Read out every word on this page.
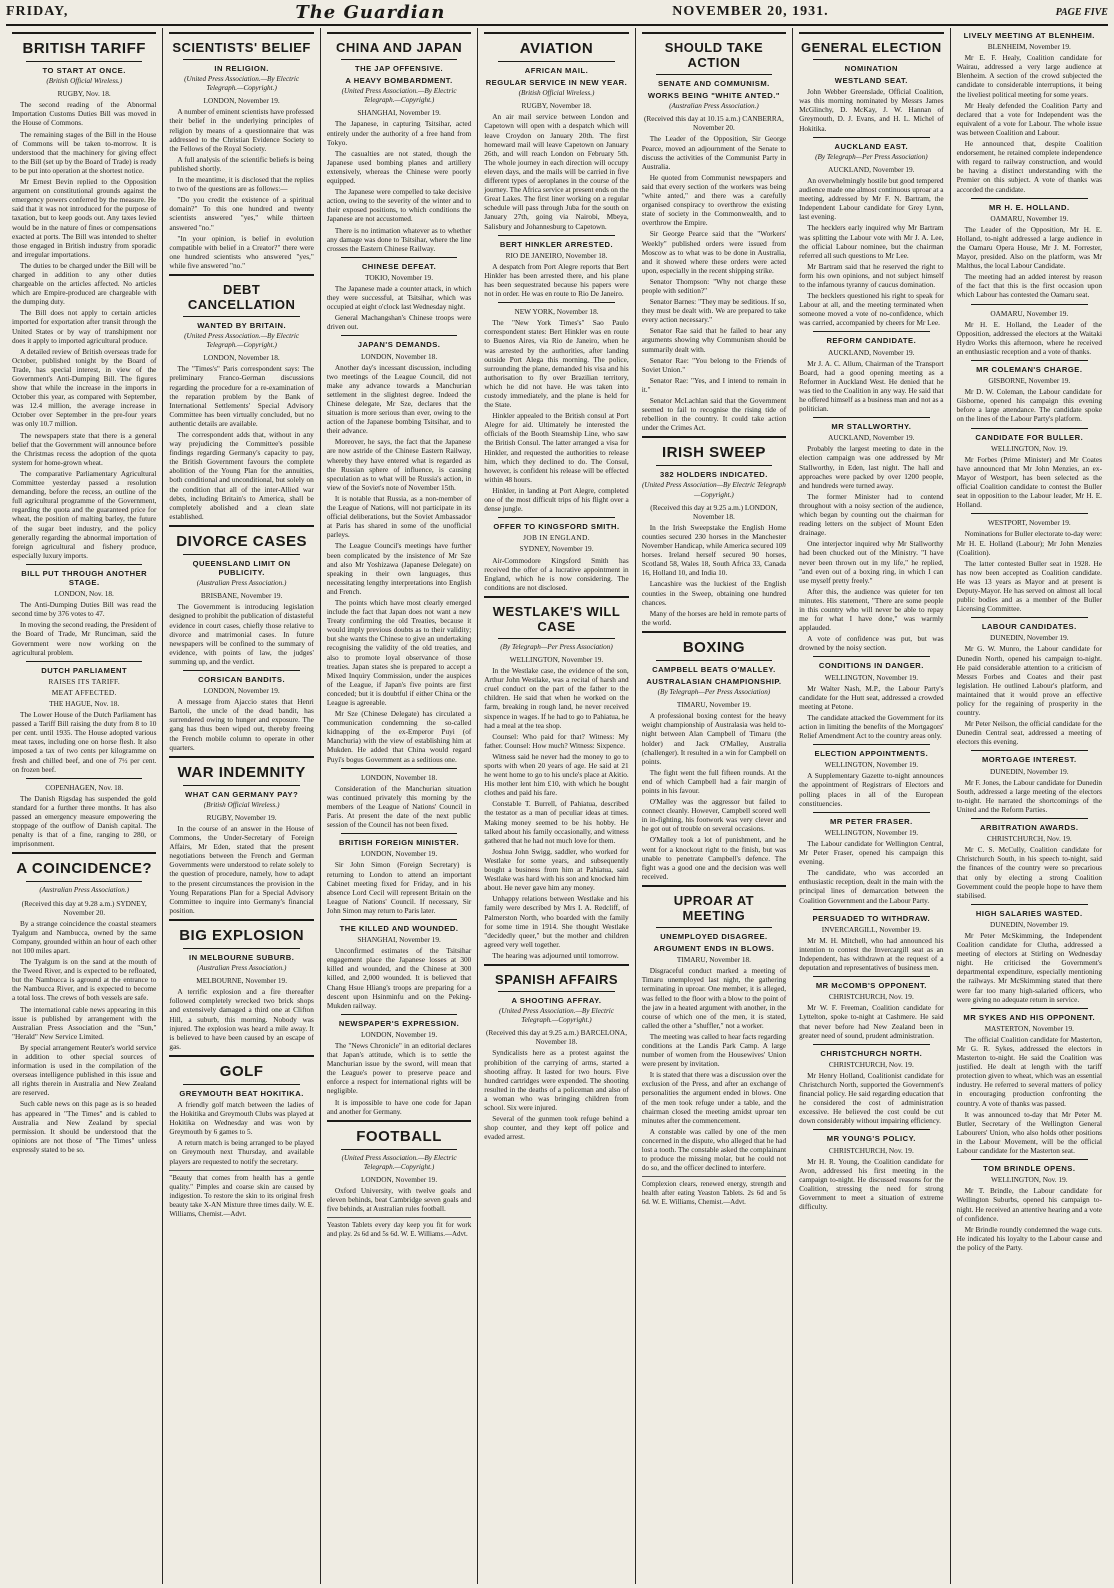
FRIDAY,	The Guardian	NOVEMBER 20, 1931.	PAGE FIVE
BRITISH TARIFF
TO START AT ONCE.
(British Official Wireless.)

RUGBY, Nov. 18.

The second reading of the Abnormal Importation Customs Duties Bill was moved in the House of Commons.

The remaining stages of the Bill in the House of Commons will be taken to-morrow. It is understood that the machinery for giving effect to the Bill (set up by the Board of Trade) is ready to be put into operation at the shortest notice.

Mr Ernest Bevin replied to the Opposition argument on constitutional grounds against the emergency powers conferred by the measure. He said that it was not introduced for the purpose of taxation, but to keep goods out. Any taxes levied would be in the nature of fines or compensations exacted at ports. The Bill was intended to shelter those engaged in British industry from sporadic and irregular importations.

The duties to be charged under the Bill will be charged in addition to any other duties chargeable on the articles affected. No articles which are Empire-produced are chargeable with the dumping duty.

The Bill does not apply to certain articles imported for exportation after transit through the United States or by way of transhipment nor does it apply to imported agricultural produce.

A detailed review of British overseas trade for October, published tonight by the Board of Trade, has special interest, in view of the Government's Anti-Dumping Bill. The figures show that while the increase in the imports in October this year, as compared with September, was 12.4 million, the average increase in October over September in the pre-four years was only 10.7 million.

The newspapers state that there is a general belief that the Government will announce before the Christmas recess the adoption of the quota system for home-grown wheat.

The comparative Parliamentary Agricultural Committee yesterday passed a resolution demanding, before the recess, an outline of the full agricultural programme of the Government, regarding the quota and the guaranteed price for wheat, the position of malting barley, the future of the sugar beet industry, and the policy generally regarding the abnormal importation of foreign agricultural and fishery produce, especially luxury imports.

BILL PUT THROUGH ANOTHER STAGE.

LONDON, Nov. 18.

The Anti-Dumping Duties Bill was read the second time by 376 votes to 47.

In moving the second reading, the President of the Board of Trade, Mr Runciman, said the Government were now working on the agricultural problem.

DUTCH PARLIAMENT
RAISES ITS TARIFF.
MEAT AFFECTED.

THE HAGUE, Nov. 18.

The Lower House of the Dutch Parliament has passed a Tariff Bill raising the duty from 8 to 10 per cent. until 1935. The House adopted various meat taxes, including one on horse flesh. It also imposed a tax of two cents per kilogramme on fresh and chilled beef, and one of 7½ per cent. on frozen beef.

COPENHAGEN, Nov. 18.

The Danish Rigsdag has suspended the gold standard for a further three months. It has also passed an emergency measure empowering the stoppage of the outflow of Danish capital. The penalty is that of a fine, ranging to 280, or imprisonment.

A COINCIDENCE?
(Australian Press Association.)

(Received this day at 9.28 a.m.) SYDNEY, November 20.

By a strange coincidence the coastal steamers Tyalgum and Nambucca, owned by the same Company, grounded within an hour of each other not 100 miles apart.

The Tyalgum is on the sand at the mouth of the Tweed River, and is expected to be refloated, but the Nambucca is aground at the entrance to the Nambucca River, and is expected to become a total loss. The crews of both vessels are safe.

The international cable news appearing in this issue is published by arrangement with the Australian Press Association and the "Sun," "Herald" New Service Limited.

By special arrangement Reuter's world service in addition to other special sources of information is used in the compilation of the overseas intelligence published in this issue and all rights therein in Australia and New Zealand are reserved.

Such cable news on this page as is so headed has appeared in "The Times" and is cabled to Australia and New Zealand by special permission. It should be understood that the opinions are not those of "The Times" unless expressly stated to be so.

SCIENTISTS' BELIEF
IN RELIGION.
(United Press Association.—By Electric Telegraph.—Copyright.)

LONDON, November 19.

A number of eminent scientists have professed their belief in the underlying principles of religion by means of a questionnaire that was addressed to the Christian Evidence Society to the Fellows of the Royal Society.

A full analysis of the scientific beliefs is being published shortly.

In the meantime, it is disclosed that the replies to two of the questions are as follows:—

"Do you credit the existence of a spiritual domain?" To this one hundred and twenty scientists answered "yes," while thirteen answered "no."

"In your opinion, is belief in evolution compatible with belief in a Creator?" there were one hundred scientists who answered "yes," while five answered "no."

DEBT CANCELLATION
WANTED BY BRITAIN.
(United Press Association.—By Electric Telegraph.—Copyright.)

LONDON, November 18.

The "Times's" Paris correspondent says: The preliminary Franco-German discussions regarding the procedure for a re-examination of the reparation problem by the Bank of International Settlements' Special Advisory Committee has been virtually concluded, but no authentic details are available.

The correspondent adds that, without in any way prejudicing the Committee's possible findings regarding Germany's capacity to pay, the British Government favours the complete abolition of the Young Plan for the annuities, both conditional and unconditional, but solely on the condition that all of the inter-Allied war debts, including Britain's to America, shall be completely abolished and a clean slate established.

DIVORCE CASES
QUEENSLAND LIMIT ON PUBLICITY.
(Australian Press Association.)

BRISBANE, November 19.

The Government is introducing legislation designed to prohibit the publication of distasteful evidence in court cases, chiefly those relative to divorce and matrimonial cases. In future newspapers will be confined to the summary of evidence, with points of law, the judges' summing up, and the verdict.

CORSICAN BANDITS.

LONDON, November 19.

A message from Ajaccio states that Henri Bartoli, the uncle of the dead bandit, has surrendered owing to hunger and exposure. The gang has thus been wiped out, thereby freeing the French mobile column to operate in other quarters.

WAR INDEMNITY
WHAT CAN GERMANY PAY?
(British Official Wireless.)

RUGBY, November 19.

In the course of an answer in the House of Commons, the Under-Secretary of Foreign Affairs, Mr Eden, stated that the present negotiations between the French and German Governments were understood to relate solely to the question of procedure, namely, how to adapt to the present circumstances the provision in the Young Reparations Plan for a Special Advisory Committee to inquire into Germany's financial position.

BIG EXPLOSION
IN MELBOURNE SUBURB.
(Australian Press Association.)

MELBOURNE, November 19.

A terrific explosion and a fire thereafter followed completely wrecked two brick shops and extensively damaged a third one at Clifton Hill, a suburb, this morning. Nobody was injured. The explosion was heard a mile away. It is believed to have been caused by an escape of gas.

GOLF
GREYMOUTH BEAT HOKITIKA.

A friendly golf match between the ladies of the Hokitika and Greymouth Clubs was played at Hokitika on Wednesday and was won by Greymouth by 6 games to 5.

A return match is being arranged to be played on Greymouth next Thursday, and available players are requested to notify the secretary.

"Beauty that comes from health has a gentle quality." Pimples and coarse skin are caused by indigestion. To restore the skin to its original fresh beauty take X-AN Mixture three times daily. W. E. Williams, Chemist.—Advt.
CHINA AND JAPAN
THE JAP OFFENSIVE.
A HEAVY BOMBARDMENT.
(United Press Association.—By Electric Telegraph.—Copyright.)

SHANGHAI, November 19.

The Japanese, in capturing Tsitsihar, acted entirely under the authority of a free hand from Tokyo.

The casualties are not stated, though the Japanese used bombing planes and artillery extensively, whereas the Chinese were poorly equipped.

The Japanese were compelled to take decisive action, owing to the severity of the winter and to their exposed positions, to which conditions the Japanese are not accustomed.

There is no intimation whatever as to whether any damage was done to Tsitsihar, where the line crosses the Eastern Chinese Railway.

CHINESE DEFEAT.

TOKIO, November 19.

The Japanese made a counter attack, in which they were successful, at Tsitsihar, which was occupied at eight o'clock last Wednesday night.

General Machangshan's Chinese troops were driven out.

JAPAN'S DEMANDS.

LONDON, November 18.

Another day's incessant discussion, including two meetings of the League Council, did not make any advance towards a Manchurian settlement in the slightest degree. Indeed the Chinese delegate, Mr Sze, declares that the situation is more serious than ever, owing to the action of the Japanese bombing Tsitsihar, and to their advance.

Moreover, he says, the fact that the Japanese are now astride of the Chinese Eastern Railway, whereby they have entered what is regarded as the Russian sphere of influence, is causing speculation as to what will be Russia's action, in view of the Soviet's note of November 15th.

It is notable that Russia, as a non-member of the League of Nations, will not participate in its official deliberations, but the Soviet Ambassador at Paris has shared in some of the unofficial parleys.

The League Council's meetings have further been complicated by the insistence of Mr Sze and also Mr Yoshizawa (Japanese Delegate) on speaking in their own languages, thus necessitating lengthy interpretations into English and French.

The points which have most clearly emerged include the fact that Japan does not want a new Treaty confirming the old Treaties, because it would imply previous doubts as to their validity; but she wants the Chinese to give an undertaking recognising the validity of the old treaties, and also to promote loyal observance of those treaties. Japan states she is prepared to accept a Mixed Inquiry Commission, under the auspices of the League, if Japan's five points are first conceded; but it is doubtful if either China or the League is agreeable.

Mr Sze (Chinese Delegate) has circulated a communication condemning the so-called kidnapping of the ex-Emperor Puyi (of Manchuria) with the view of establishing him at Mukden. He added that China would regard Puyi's bogus Government as a seditious one.

LONDON, November 18.

Consideration of the Manchurian situation was continued privately this morning by the members of the League of Nations' Council in Paris. At present the date of the next public session of the Council has not been fixed.

BRITISH FOREIGN MINISTER.

LONDON, November 19.

Sir John Simon (Foreign Secretary) is returning to London to attend an important Cabinet meeting fixed for Friday, and in his absence Lord Cecil will represent Britain on the League of Nations' Council. If necessary, Sir John Simon may return to Paris later.

THE KILLED AND WOUNDED.

SHANGHAI, November 19.

Unconfirmed estimates of the Tsitsihar engagement place the Japanese losses at 300 killed and wounded, and the Chinese at 300 killed, and 2,000 wounded. It is believed that Chang Hsue Hliang's troops are preparing for a descent upon Hsinminfu and on the Peking-Mukden railway.

NEWSPAPER'S EXPRESSION.

LONDON, November 19.

The "News Chronicle" in an editorial declares that Japan's attitude, which is to settle the Manchurian issue by the sword, will mean that the League's power to preserve peace and enforce a respect for international rights will be negligible.

It is impossible to have one code for Japan and another for Germany.

FOOTBALL
(United Press Association.—By Electric Telegraph.—Copyright.)

LONDON, November 19.

Oxford University, with twelve goals and eleven behinds, beat Cambridge seven goals and five behinds, at Australian rules football.

Yeaston Tablets every day keep you fit for work and play. 2s 6d and 5s 6d. W. E. Williams.—Advt.
AVIATION
AFRICAN MAIL.
REGULAR SERVICE IN NEW YEAR.
(British Official Wireless.)

RUGBY, November 18.

An air mail service between London and Capetown will open with a despatch which will leave Croydon on January 20th. The first homeward mail will leave Capetown on January 26th, and will reach London on February 5th. The whole journey in each direction will occupy eleven days, and the mails will be carried in five different types of aeroplanes in the course of the journey. The Africa service at present ends on the Great Lakes. The first liner working on a regular schedule will pass through Juba for the south on January 27th, going via Nairobi, Mbeya, Salisbury and Johannesburg to Capetown.

BERT HINKLER ARRESTED.

RIO DE JANEIRO, November 18.

A despatch from Port Alegre reports that Bert Hinkler has been arrested there, and his plane has been sequestrated because his papers were not in order. He was en route to Rio De Janeiro.

NEW YORK, November 18.

The "New York Times's" Sao Paulo correspondent states: Bert Hinkler was en route to Buenos Aires, via Rio de Janeiro, when he was arrested by the authorities, after landing outside Port Alega this morning. The police, surrounding the plane, demanded his visa and his authorisation to fly over Brazilian territory, which he did not have. He was taken into custody immediately, and the plane is held for the State.

Hinkler appealed to the British consul at Port Alegre for aid. Ultimately he interested the officials of the Booth Steamship Line, who saw the British Consul. The latter arranged a visa for Hinkler, and requested the authorities to release him, which they declined to do. The Consul, however, is confident his release will be effected within 48 hours.

Hinkler, in landing at Port Alegre, completed one of the most difficult trips of his flight over a dense jungle.

OFFER TO KINGSFORD SMITH.
JOB IN ENGLAND.

SYDNEY, November 19.

Air-Commodore Kingsford Smith has received the offer of a lucrative appointment in England, which he is now considering. The conditions are not disclosed.

WESTLAKE'S WILL CASE
(By Telegraph—Per Press Association)

WELLINGTON, November 19.

In the Westlake case, the evidence of the son, Arthur John Westlake, was a recital of harsh and cruel conduct on the part of the father to the children. He said that when he worked on the farm, breaking in rough land, he never received sixpence in wages. If he had to go to Pahiatua, he had a meal at the tea shop.

Counsel: Who paid for that? Witness: My father. Counsel: How much? Witness: Sixpence.

Witness said he never had the money to go to sports with when 20 years of age. He said at 21 he went home to go to his uncle's place at Akitio. His mother lent him £10, with which he bought clothes and paid his fare.

Constable T. Burrell, of Pahiatua, described the testator as a man of peculiar ideas at times. Making money seemed to be his hobby. He talked about his family occasionally, and witness gathered that he had not much love for them.

Joshua John Swigg, saddler, who worked for Westlake for some years, and subsequently bought a business from him at Pahiatua, said Westlake was hard with his son and knocked him about. He never gave him any money.

Unhappy relations between Westlake and his family were described by Mrs I. A. Redcliff, of Palmerston North, who boarded with the family for some time in 1914. She thought Westlake "decidedly queer," but the mother and children agreed very well together.

The hearing was adjourned until tomorrow.

SPANISH AFFAIRS
A SHOOTING AFFRAY.
(United Press Association.—By Electric Telegraph.—Copyright.)

(Received this day at 9.25 a.m.) BARCELONA, November 18.

Syndicalists here as a protest against the prohibition of the carrying of arms, started a shooting affray. It lasted for two hours. Five hundred cartridges were expended. The shooting resulted in the deaths of a policeman and also of a woman who was bringing children from school. Six were injured.

Several of the gunmen took refuge behind a shop counter, and they kept off police and evaded arrest.

SHOULD TAKE ACTION
SENATE AND COMMUNISM.
WORKS BEING "WHITE ANTED."
(Australian Press Association.)

(Received this day at 10.15 a.m.) CANBERRA, November 20.

The Leader of the Opposition, Sir George Pearce, moved an adjournment of the Senate to discuss the activities of the Communist Party in Australia.

He quoted from Communist newspapers and said that every section of the workers was being "white anted," and there was a carefully organised conspiracy to overthrow the existing state of society in the Commonwealth, and to overthrow the Empire.

Sir George Pearce said that the "Workers' Weekly" published orders were issued from Moscow as to what was to be done in Australia, and it showed where these orders were acted upon, especially in the recent shipping strike.

Senator Thompson: "Why not charge these people with sedition?"

Senator Barnes: "They may be seditious. If so, they must be dealt with. We are prepared to take every action necessary."

Senator Rae said that he failed to hear any arguments showing why Communism should be summarily dealt with.

Senator Rae: "You belong to the Friends of Soviet Union."

Senator Rae: "Yes, and I intend to remain in it."

Senator McLachlan said that the Government seemed to fail to recognise the rising tide of rebellion in the country. It could take action under the Crimes Act.

IRISH SWEEP
382 HOLDERS INDICATED.
(United Press Association—By Electric Telegraph—Copyright.)

(Received this day at 9.25 a.m.) LONDON, November 18.

In the Irish Sweepstake the English Home counties secured 230 horses in the Manchester November Handicap, while America secured 109 horses. Ireland herself secured 90 horses, Scotland 58, Wales 18, South Africa 33, Canada 16, Holland 10, and India 10.

Lancashire was the luckiest of the English counties in the Sweep, obtaining one hundred chances.

Many of the horses are held in remote parts of the world.

BOXING
CAMPBELL BEATS O'MALLEY.
AUSTRALASIAN CHAMPIONSHIP.
(By Telegraph—Per Press Association)

TIMARU, November 19.

A professional boxing contest for the heavy weight championship of Australasia was held to-night between Alan Campbell of Timaru (the holder) and Jack O'Malley, Australia (challenger). It resulted in a win for Campbell on points.

The fight went the full fifteen rounds. At the end of which Campbell had a fair margin of points in his favour.

O'Malley was the aggressor but failed to connect cleanly. However, Campbell scored well in in-fighting, his footwork was very clever and he got out of trouble on several occasions.

O'Malley took a lot of punishment, and he went for a knockout right to the finish, but was unable to penetrate Campbell's defence. The fight was a good one and the decision was well received.

UPROAR AT MEETING
UNEMPLOYED DISAGREE.
ARGUMENT ENDS IN BLOWS.

TIMARU, November 18.

Disgraceful conduct marked a meeting of Timaru unemployed last night, the gathering terminating in uproar. One member, it is alleged, was felled to the floor with a blow to the point of the jaw in a heated argument with another, in the course of which one of the men, it is stated, called the other a "shuffler," not a worker.

The meeting was called to hear facts regarding conditions at the Landis Park Camp. A large number of women from the Housewives' Union were present by invitation.

It is stated that there was a discussion over the exclusion of the Press, and after an exchange of personalities the argument ended in blows. One of the men took refuge under a table, and the chairman closed the meeting amidst uproar ten minutes after the commencement.

A constable was called by one of the men concerned in the dispute, who alleged that he had lost a tooth. The constable asked the complainant to produce the missing molar, but he could not do so, and the officer declined to interfere.

Complexion clears, renewed energy, strength and health after eating Yeaston Tablets. 2s 6d and 5s 6d. W. E. Williams, Chemist.—Advt.
GENERAL ELECTION
NOMINATION
WESTLAND SEAT.

John Webber Greenslade, Official Coalition, was this morning nominated by Messrs James McGlinchy, D. McKay, J. W. Hannan of Greymouth, D. J. Evans, and H. L. Michel of Hokitika.

AUCKLAND EAST.
(By Telegraph—Per Press Association)

AUCKLAND, November 19.

An overwhelmingly hostile but good tempered audience made one almost continuous uproar at a meeting, addressed by Mr F. N. Bartram, the Independent Labour candidate for Grey Lynn, last evening.

The hecklers early inquired why Mr Bartram was splitting the Labour vote with Mr J. A. Lee, the official Labour nominee, but the chairman referred all such questions to Mr Lee.

Mr Bartram said that he reserved the right to form his own opinions, and not subject himself to the infamous tyranny of caucus domination.

The hecklers questioned his right to speak for Labour at all, and the meeting terminated when someone moved a vote of no-confidence, which was carried, accompanied by cheers for Mr Lee.

REFORM CANDIDATE.

AUCKLAND, November 19.

Mr J. A. C. Allum, Chairman of the Transport Board, had a good opening meeting as a Reformer in Auckland West. He denied that he was tied to the Coalition in any way. He said that he offered himself as a business man and not as a politician.

MR STALLWORTHY.

AUCKLAND, November 19.

Probably the largest meeting to date in the election campaign was one addressed by Mr Stallworthy, in Eden, last night. The hall and approaches were packed by over 1200 people, and hundreds were turned away.

The former Minister had to contend throughout with a noisy section of the audience, which began by counting out the chairman for reading letters on the subject of Mount Eden drainage.

One interjector inquired why Mr Stallworthy had been chucked out of the Ministry. "I have never been thrown out in my life," he replied, "and even out of a boxing ring, in which I can use myself pretty freely."

After this, the audience was quieter for ten minutes. His statement, "There are some people in this country who will never be able to repay me for what I have done," was warmly applauded.

A vote of confidence was put, but was drowned by the noisy section.

CONDITIONS IN DANGER.

WELLINGTON, November 19.

Mr Walter Nash, M.P., the Labour Party's candidate for the Hutt seat, addressed a crowded meeting at Petone.

The candidate attacked the Government for its action in limiting the benefits of the Mortgagors' Relief Amendment Act to the country areas only.

ELECTION APPOINTMENTS.

WELLINGTON, November 19.

A Supplementary Gazette to-night announces the appointment of Registrars of Electors and polling places in all of the European constituencies.

MR PETER FRASER.

WELLINGTON, November 19.

The Labour candidate for Wellington Central, Mr Peter Fraser, opened his campaign this evening.

The candidate, who was accorded an enthusiastic reception, dealt in the main with the principal lines of demarcation between the Coalition Government and the Labour Party.

PERSUADED TO WITHDRAW.

INVERCARGILL, November 19.

Mr M. H. Mitchell, who had announced his intention to contest the Invercargill seat as an Independent, has withdrawn at the request of a deputation and representatives of business men.

MR McCOMB'S OPPONENT.

CHRISTCHURCH, Nov. 19.

Mr W. F. Freeman, Coalition candidate for Lyttelton, spoke to-night at Cashmere. He said that never before had New Zealand been in greater need of sound, prudent administration.

CHRISTCHURCH NORTH.

CHRISTCHURCH, Nov. 19.

Mr Henry Holland, Coalitionist candidate for Christchurch North, supported the Government's financial policy. He said regarding education that he considered the cost of administration excessive. He believed the cost could be cut down considerably without impairing efficiency.

MR YOUNG'S POLICY.

CHRISTCHURCH, Nov. 19.

Mr H. R. Young, the Coalition candidate for Avon, addressed his first meeting in the campaign to-night. He discussed reasons for the Coalition, stressing the need for strong Government to meet a situation of extreme difficulty.

LIVELY MEETING AT BLENHEIM.

BLENHEIM, November 19.

Mr E. F. Healy, Coalition candidate for Wairau, addressed a very large audience at Blenheim. A section of the crowd subjected the candidate to considerable interruptions, it being the liveliest political meeting for some years.

Mr Healy defended the Coalition Party and declared that a vote for Independent was the equivalent of a vote for Labour. The whole issue was between Coalition and Labour.

He announced that, despite Coalition endorsement, he retained complete independence with regard to railway construction, and would be having a distinct understanding with the Premier on this subject. A vote of thanks was accorded the candidate.

MR H. E. HOLLAND.

OAMARU, November 19.

The Leader of the Opposition, Mr H. E. Holland, to-night addressed a large audience in the Oamaru Opera House, Mr J. M. Forrester, Mayor, presided. Also on the platform, was Mr Malthus, the local Labour Candidate.

The meeting had an added interest by reason of the fact that this is the first occasion upon which Labour has contested the Oamaru seat.

OAMARU, November 19.

Mr H. E. Holland, the Leader of the Opposition, addressed the electors at the Waitaki Hydro Works this afternoon, where he received an enthusiastic reception and a vote of thanks.

MR COLEMAN'S CHARGE.

GISBORNE, November 19.

Mr D. W. Coleman, the Labour candidate for Gisborne, opened his campaign this evening before a large attendance. The candidate spoke on the lines of the Labour Party's platform.

CANDIDATE FOR BULLER.

WELLINGTON, Nov. 19.

Mr Forbes (Prime Minister) and Mr Coates have announced that Mr John Menzies, an ex-Mayor of Westport, has been selected as the official Coalition candidate to contest the Buller seat in opposition to the Labour leader, Mr H. E. Holland.

WESTPORT, November 19.

Nominations for Buller electorate to-day were: Mr H. E. Holland (Labour); Mr John Menzies (Coalition).

The latter contested Buller seat in 1928. He has now been accepted as Coalition candidate. He was 13 years as Mayor and at present is Deputy-Mayor. He has served on almost all local public bodies and as a member of the Buller Licensing Committee.

LABOUR CANDIDATES.

DUNEDIN, November 19.

Mr G. W. Munro, the Labour candidate for Dunedin North, opened his campaign to-night. He paid considerable attention to a criticism of Messrs Forbes and Coates and their past legislation. He outlined Labour's platform, and maintained that it would prove an effective policy for the regaining of prosperity in the country.

Mr Peter Neilson, the official candidate for the Dunedin Central seat, addressed a meeting of electors this evening.

MORTGAGE INTEREST.

DUNEDIN, November 19.

Mr F. Jones, the Labour candidate for Dunedin South, addressed a large meeting of the electors to-night. He narrated the shortcomings of the United and the Reform Parties.

ARBITRATION AWARDS.

CHRISTCHURCH, Nov. 19.

Mr C. S. McCully, Coalition candidate for Christchurch South, in his speech to-night, said the finances of the country were so precarious that only by electing a strong Coalition Government could the people hope to have them stabilised.

HIGH SALARIES WASTED.

DUNEDIN, November 19.

Mr Peter McSkimming, the Independent Coalition candidate for Clutha, addressed a meeting of electors at Stirling on Wednesday night. He criticised the Government's departmental expenditure, especially mentioning the railways. Mr McSkimming stated that there were far too many high-salaried officers, who were giving no adequate return in service.

MR SYKES AND HIS OPPONENT.

MASTERTON, November 19.

The official Coalition candidate for Masterton, Mr G. R. Sykes, addressed the electors in Masterton to-night. He said the Coalition was justified. He dealt at length with the tariff protection given to wheat, which was an essential industry. He referred to several matters of policy in encouraging production confronting the country. A vote of thanks was passed.

It was announced to-day that Mr Peter M. Butler, Secretary of the Wellington General Labourers' Union, who also holds other positions in the Labour Movement, will be the official Labour candidate for the Masterton seat.

TOM BRINDLE OPENS.

WELLINGTON, Nov. 19.

Mr T. Brindle, the Labour candidate for Wellington Suburbs, opened his campaign to-night. He received an attentive hearing and a vote of confidence.

Mr Brindle roundly condemned the wage cuts. He indicated his loyalty to the Labour cause and the policy of the Party.
